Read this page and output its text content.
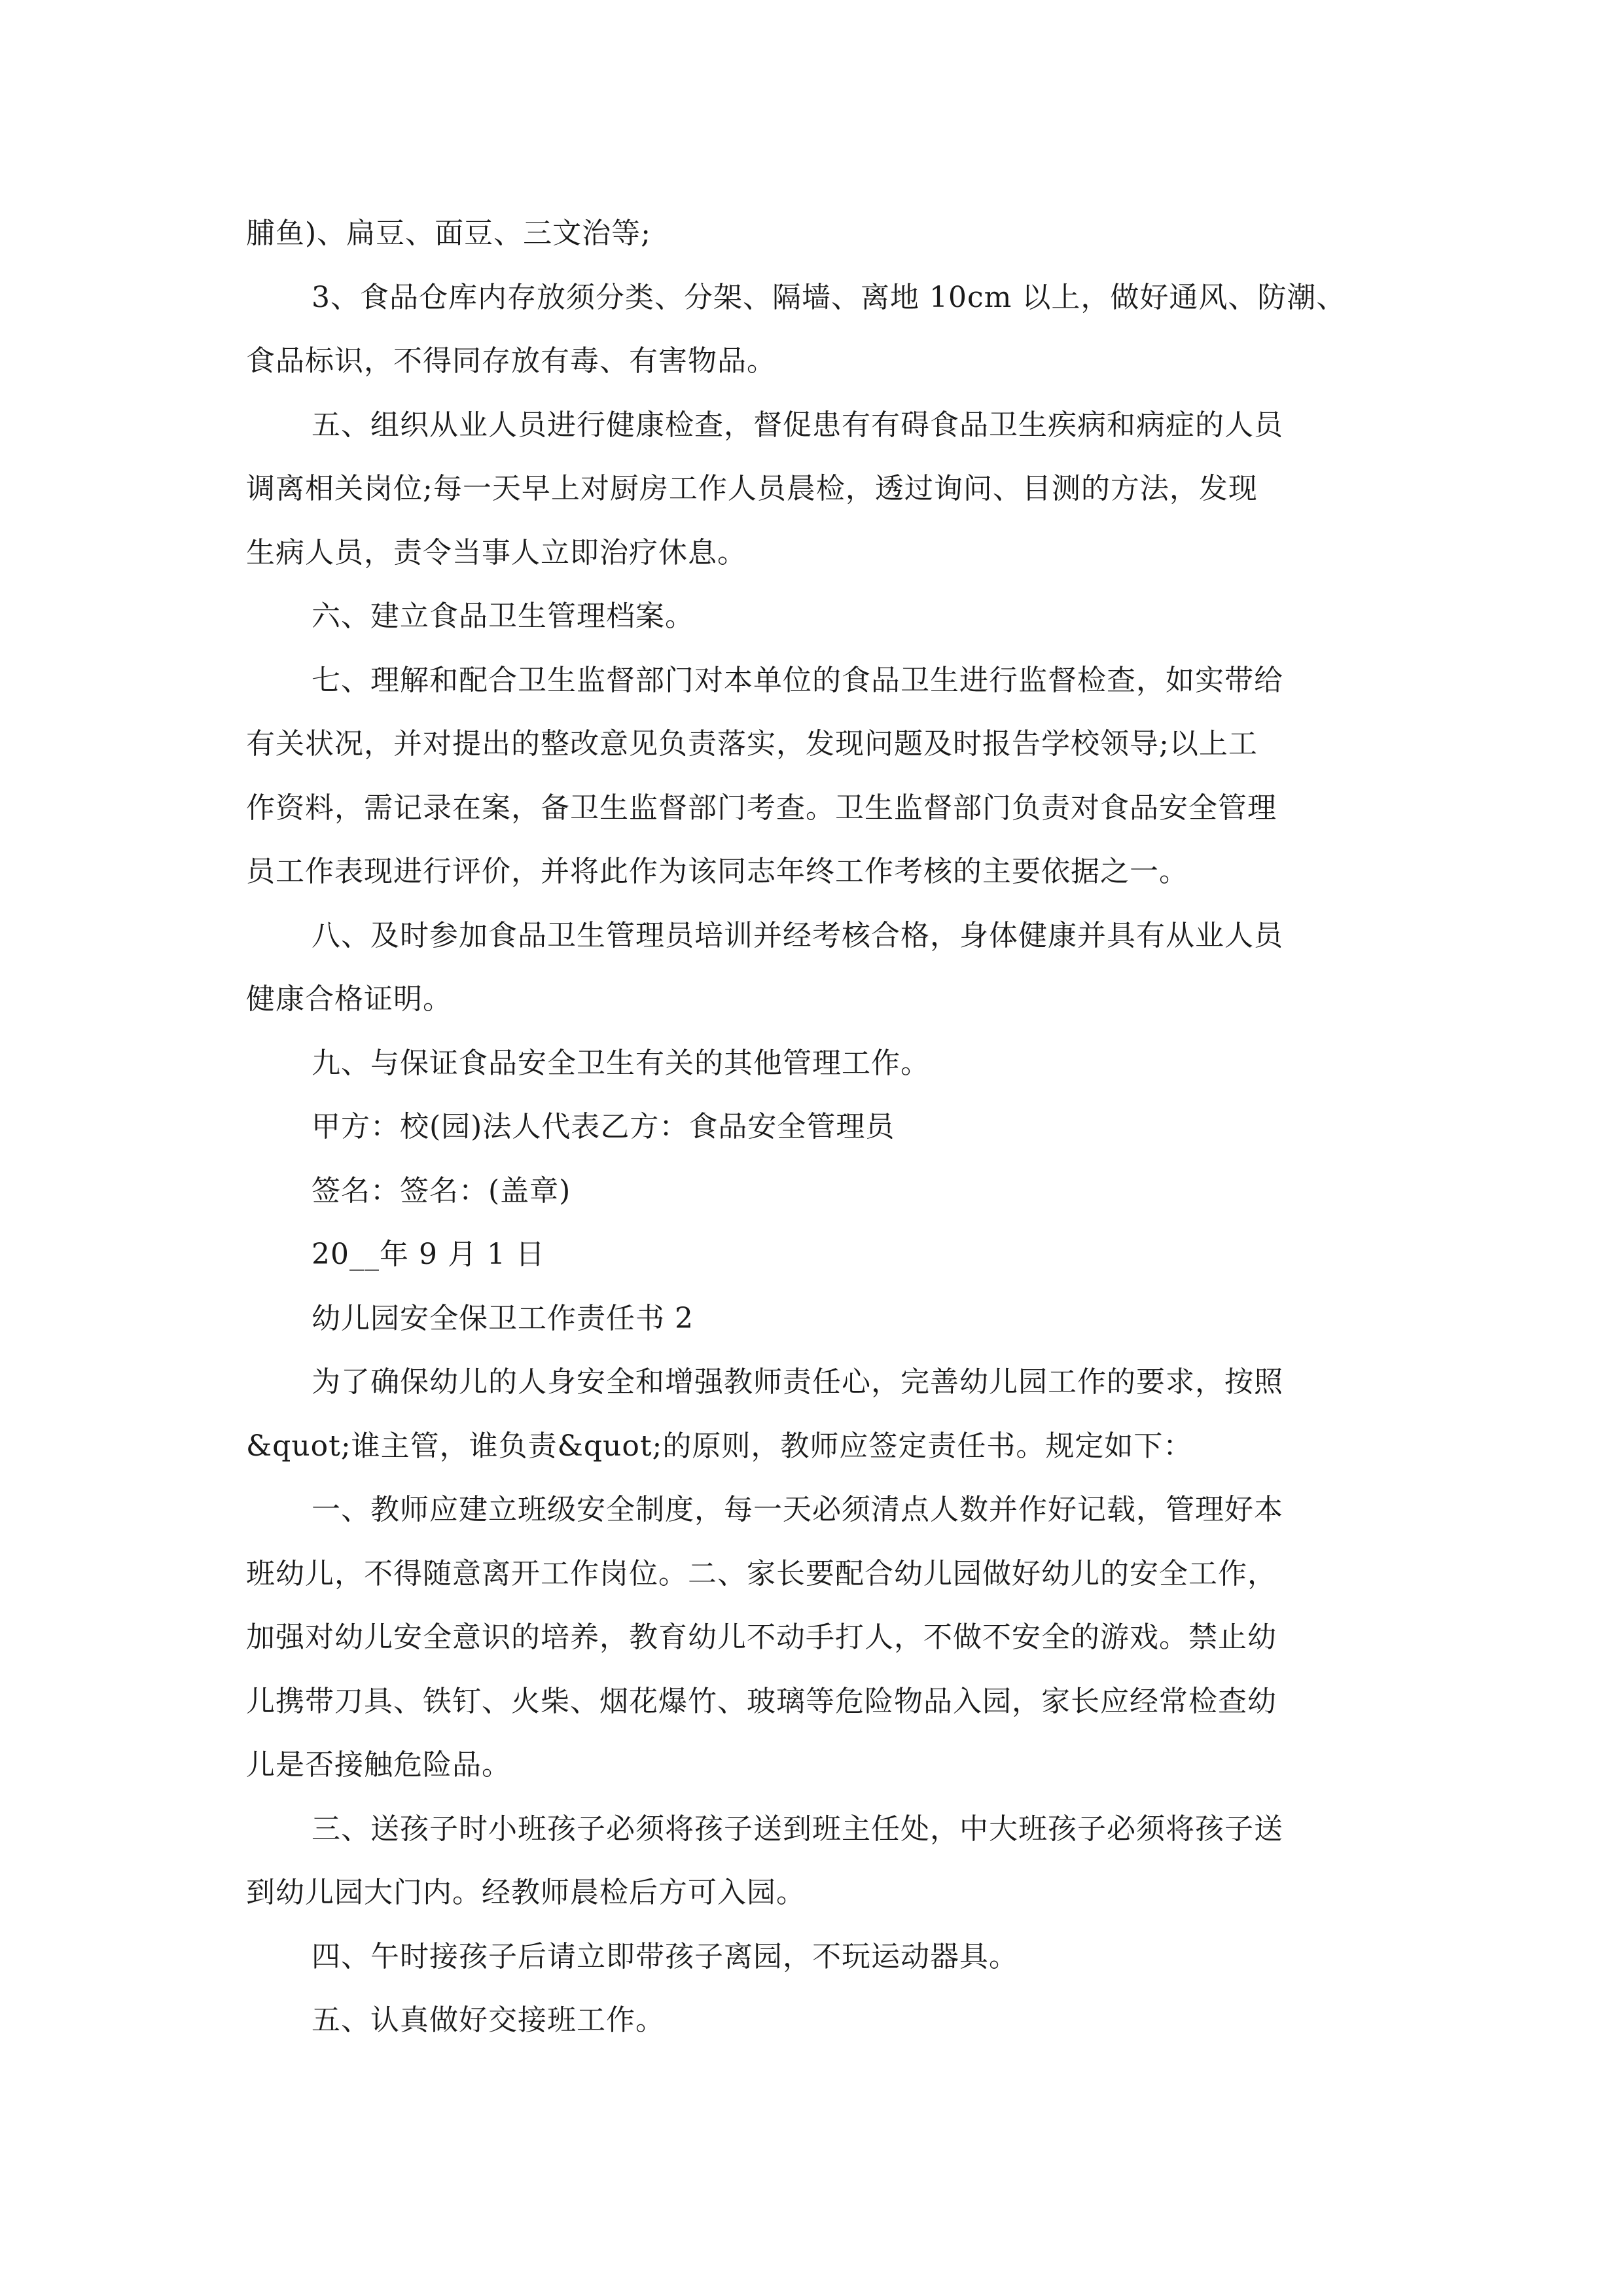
脯鱼)、扁豆、面豆、三文治等;
3、食品仓库内存放须分类、分架、隔墙、离地 10cm 以上，做好通风、防潮、
食品标识，不得同存放有毒、有害物品。
五、组织从业人员进行健康检查，督促患有有碍食品卫生疾病和病症的人员
调离相关岗位;每一天早上对厨房工作人员晨检，透过询问、目测的方法，发现
生病人员，责令当事人立即治疗休息。
六、建立食品卫生管理档案。
七、理解和配合卫生监督部门对本单位的食品卫生进行监督检查，如实带给
有关状况，并对提出的整改意见负责落实，发现问题及时报告学校领导;以上工
作资料，需记录在案，备卫生监督部门考查。卫生监督部门负责对食品安全管理
员工作表现进行评价，并将此作为该同志年终工作考核的主要依据之一。
八、及时参加食品卫生管理员培训并经考核合格，身体健康并具有从业人员
健康合格证明。
九、与保证食品安全卫生有关的其他管理工作。
甲方：校(园)法人代表乙方：食品安全管理员
签名：签名：(盖章)
20__年 9 月 1 日
幼儿园安全保卫工作责任书 2
为了确保幼儿的人身安全和增强教师责任心，完善幼儿园工作的要求，按照
&quot;谁主管，谁负责&quot;的原则，教师应签定责任书。规定如下：
一、教师应建立班级安全制度，每一天必须清点人数并作好记载，管理好本
班幼儿，不得随意离开工作岗位。二、家长要配合幼儿园做好幼儿的安全工作，
加强对幼儿安全意识的培养，教育幼儿不动手打人，不做不安全的游戏。禁止幼
儿携带刀具、铁钉、火柴、烟花爆竹、玻璃等危险物品入园，家长应经常检查幼
儿是否接触危险品。
三、送孩子时小班孩子必须将孩子送到班主任处，中大班孩子必须将孩子送
到幼儿园大门内。经教师晨检后方可入园。
四、午时接孩子后请立即带孩子离园，不玩运动器具。
五、认真做好交接班工作。
